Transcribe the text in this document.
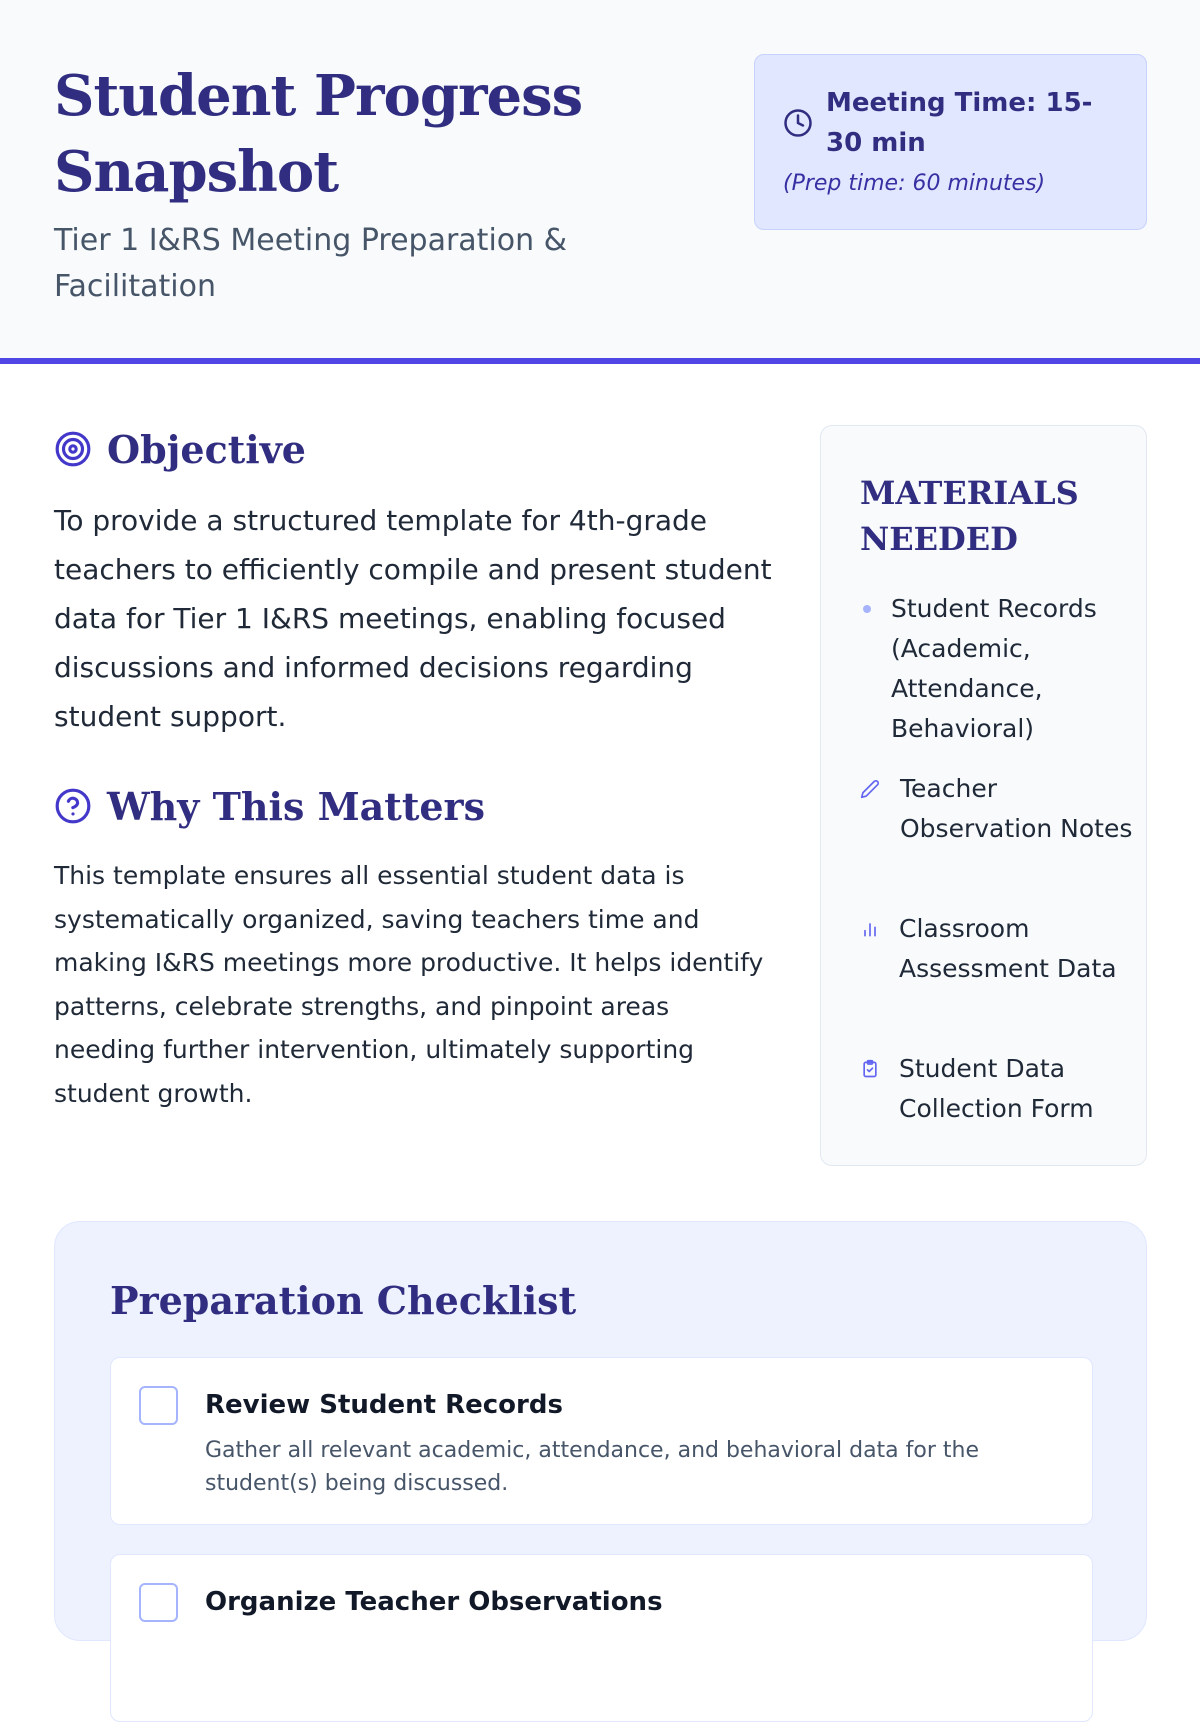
Student Progress Snapshot

Tier 1 I&RS Meeting Preparation & Facilitation

Meeting Time: 15-30 min
(Prep time: 60 minutes)
Objective

To provide a structured template for 4th-grade teachers to efficiently compile and present student data for Tier 1 I&RS meetings, enabling focused discussions and informed decisions regarding student support.

Why This Matters

This template ensures all essential student data is systematically organized, saving teachers time and making I&RS meetings more productive. It helps identify patterns, celebrate strengths, and pinpoint areas needing further intervention, ultimately supporting student growth.

MATERIALS NEEDED
Student Records (Academic, Attendance, Behavioral)
Teacher Observation Notes
Classroom Assessment Data
Student Data Collection Form
Preparation Checklist
Review Student Records
Gather all relevant academic, attendance, and behavioral data for the student(s) being discussed.
Organize Teacher Observations
